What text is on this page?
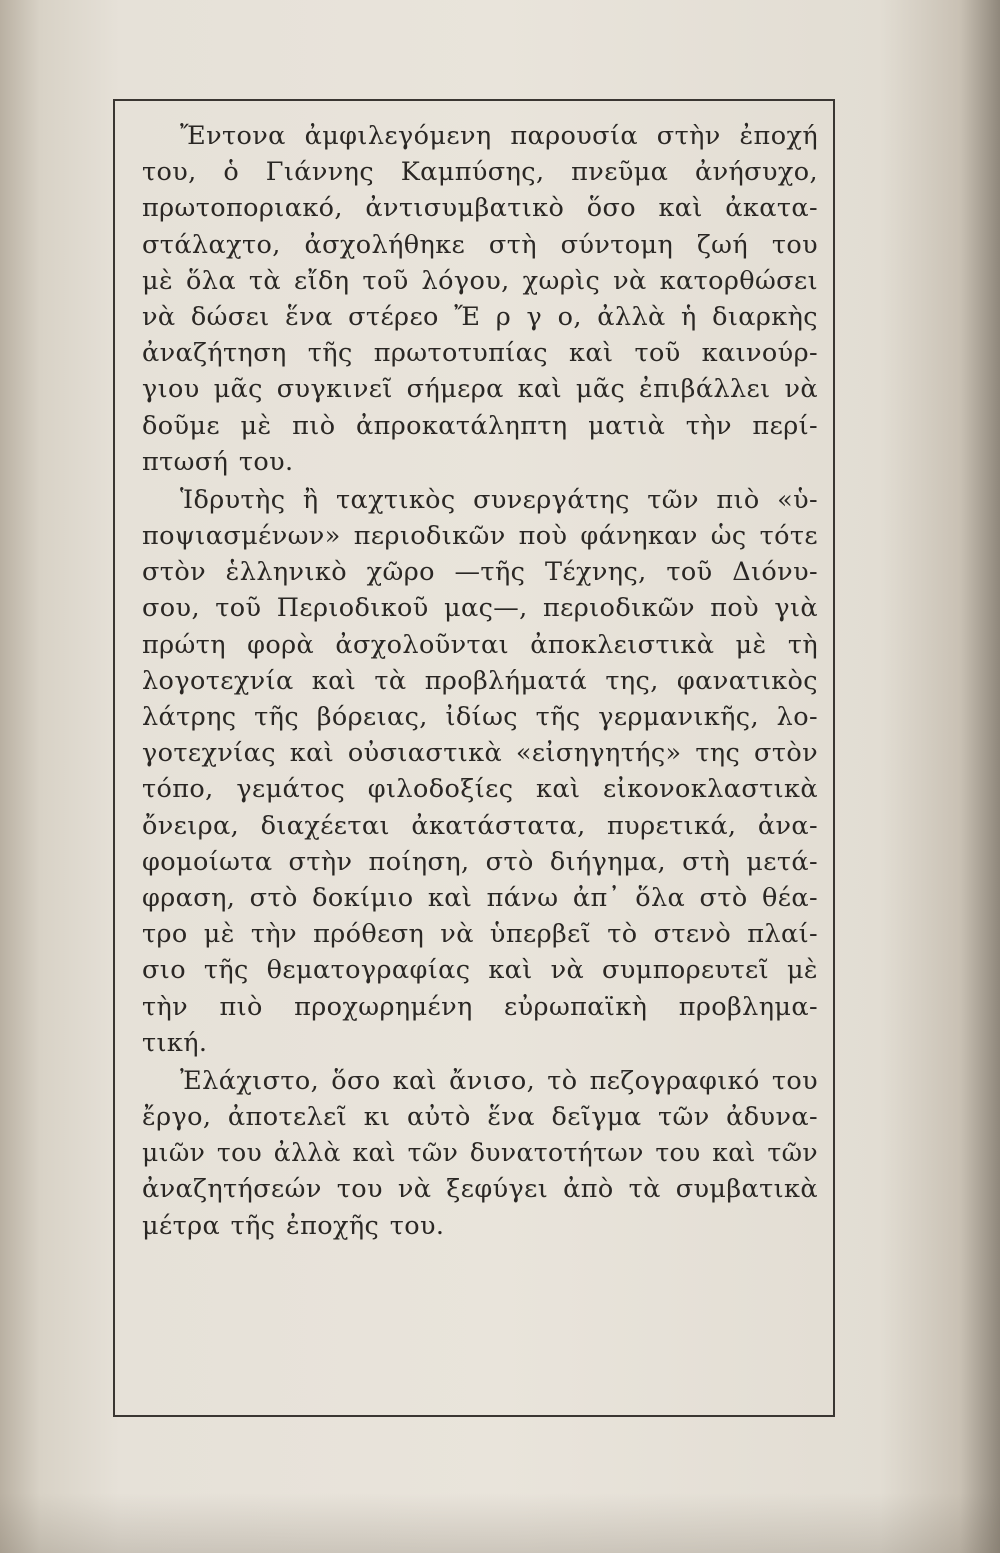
Ἔντονα ἀμφιλεγόμενη παρουσία στὴν ἐποχή
του, ὁ Γιάννης Καμπύσης, πνεῦμα ἀνήσυχο,
πρωτοποριακό, ἀντισυμβατικὸ ὅσο καὶ ἀκατα-
στάλαχτο, ἀσχολήθηκε στὴ σύντομη ζωή του
μὲ ὅλα τὰ εἴδη τοῦ λόγου, χωρὶς νὰ κατορθώσει
νὰ δώσει ἕνα στέρεο Ἔ ρ γ ο, ἀλλὰ ἡ διαρκὴς
ἀναζήτηση τῆς πρωτοτυπίας καὶ τοῦ καινούρ-
γιου μᾶς συγκινεῖ σήμερα καὶ μᾶς ἐπιβάλλει νὰ
δοῦμε μὲ πιὸ ἀπροκατάληπτη ματιὰ τὴν περί-
πτωσή του.
Ἱδρυτὴς ἢ ταχτικὸς συνεργάτης τῶν πιὸ «ὑ-
ποψιασμένων» περιοδικῶν ποὺ φάνηκαν ὡς τότε
στὸν ἑλληνικὸ χῶρο —τῆς Τέχνης, τοῦ Διόνυ-
σου, τοῦ Περιοδικοῦ μας—, περιοδικῶν ποὺ γιὰ
πρώτη φορὰ ἀσχολοῦνται ἀποκλειστικὰ μὲ τὴ
λογοτεχνία καὶ τὰ προβλήματά της, φανατικὸς
λάτρης τῆς βόρειας, ἰδίως τῆς γερμανικῆς, λο-
γοτεχνίας καὶ οὐσιαστικὰ «εἰσηγητής» της στὸν
τόπο, γεμάτος φιλοδοξίες καὶ εἰκονοκλαστικὰ
ὄνειρα, διαχέεται ἀκατάστατα, πυρετικά, ἀνα-
φομοίωτα στὴν ποίηση, στὸ διήγημα, στὴ μετά-
φραση, στὸ δοκίμιο καὶ πάνω ἀπ᾿ ὅλα στὸ θέα-
τρο μὲ τὴν πρόθεση νὰ ὑπερβεῖ τὸ στενὸ πλαί-
σιο τῆς θεματογραφίας καὶ νὰ συμπορευτεῖ μὲ
τὴν πιὸ προχωρημένη εὐρωπαϊκὴ προβλημα-
τική.
Ἐλάχιστο, ὅσο καὶ ἄνισο, τὸ πεζογραφικό του
ἔργο, ἀποτελεῖ κι αὐτὸ ἕνα δεῖγμα τῶν ἀδυνα-
μιῶν του ἀλλὰ καὶ τῶν δυνατοτήτων του καὶ τῶν
ἀναζητήσεών του νὰ ξεφύγει ἀπὸ τὰ συμβατικὰ
μέτρα τῆς ἐποχῆς του.
